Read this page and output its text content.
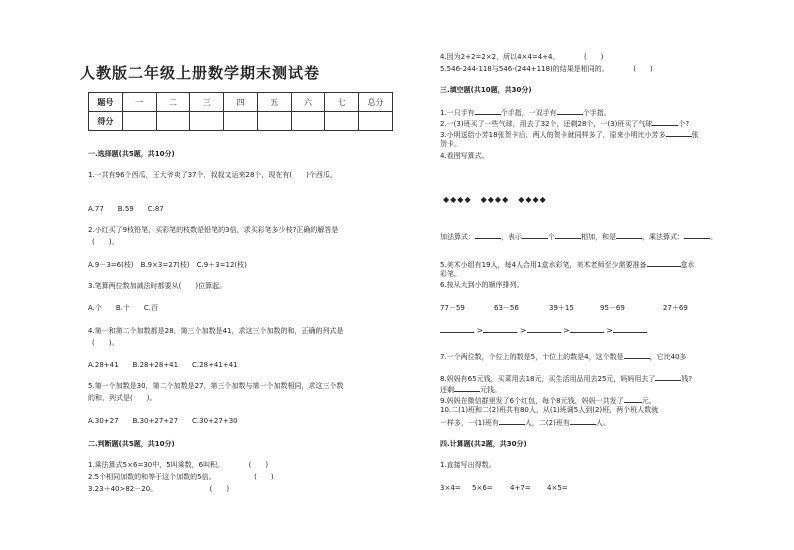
人教版二年级上册数学期末测试卷
题号	一	二	三	四	五	六	七	总分
得分								
一.选择题(共5题，共10分)
1.一共有96个西瓜，王大爷卖了37个，叔叔又运来28个，现在有(　　)个西瓜。
A.77　　B.59　　C.87
2.小红买了9枝铅笔，买彩笔的枝数是铅笔的3倍，求买彩笔多少枝?正确的解答是
(　　)。
A.9－3=6(枝)　B.9×3=27(枝)　C.9＋3=12(枝)
3.笔算两位数加减法时都要从(　　)位算起。
A.个　　B.十　　C.百
4.第一和第二个加数都是28，第三个加数是41，求这三个加数的和，正确的列式是
(　　)。
A.28+41　　B.28+28+41　　C.28+41+41
5.第一个加数是30，第二个加数是27，第三个加数与第一个加数相同，求这三个数
的和，列式是(　　)。
A.30+27　　B.30+27+27　　C.30+27+30
二.判断题(共5题，共10分)
1.乘法算式5×6=30中，5叫乘数，6叫积。　　　　(　　)
2.5个相同加数的和等于这个加数的5倍。　　　　　　(　　)
3.23＋40>82－20。　　　　　　　　(　　)
4.因为2+2=2×2，所以4×4=4+4。　　　　(　　)
5.546-244-118与546-(244+118)的结果是相同的。　　　　(　　)
三.填空题(共10题，共30分)
1.一只手有	个手指，一双手有	个手指。
2.一(3)班买了一些气球，用去了32个，还剩28个，一(3)班买了气球	个?
3.小明送给小芳18张贺卡后，两人的贺卡就同样多了，原来小明比小芳多	张
贺卡。
4.看图写算式。
◆◆◆◆　◆◆◆◆　◆◆◆◆
加法算式：	，表示	个	相加，和是	，乘法算式：	。
5.美术小组有19人，每4人合用1盒水彩笔，美术老师至少需要准备	盒水
彩笔。
6.按从大到小的顺序排列。
77－59	63－56	39＋15	95－69	27＋69
>	>	>	>
7.一个两位数，个位上的数是5，十位上的数是4，这个数是	，它比40多
8.妈妈有65元钱，买菜用去18元，买生活用品用去25元，妈妈用去了	钱?
还剩	元钱。
9.妈妈在微信群里发了6个红包，每个8元钱，妈妈一共发了	元。
10.二(1)班和二(2)班共有80人，从(1)班调5人到(2)班，两个班人数就
一样多，一(1)班有	人，二(2)班有	人。
四.计算题(共2题，共30分)
1.直接写出得数。
3×4= 5×6= 4+7= 4×5=
